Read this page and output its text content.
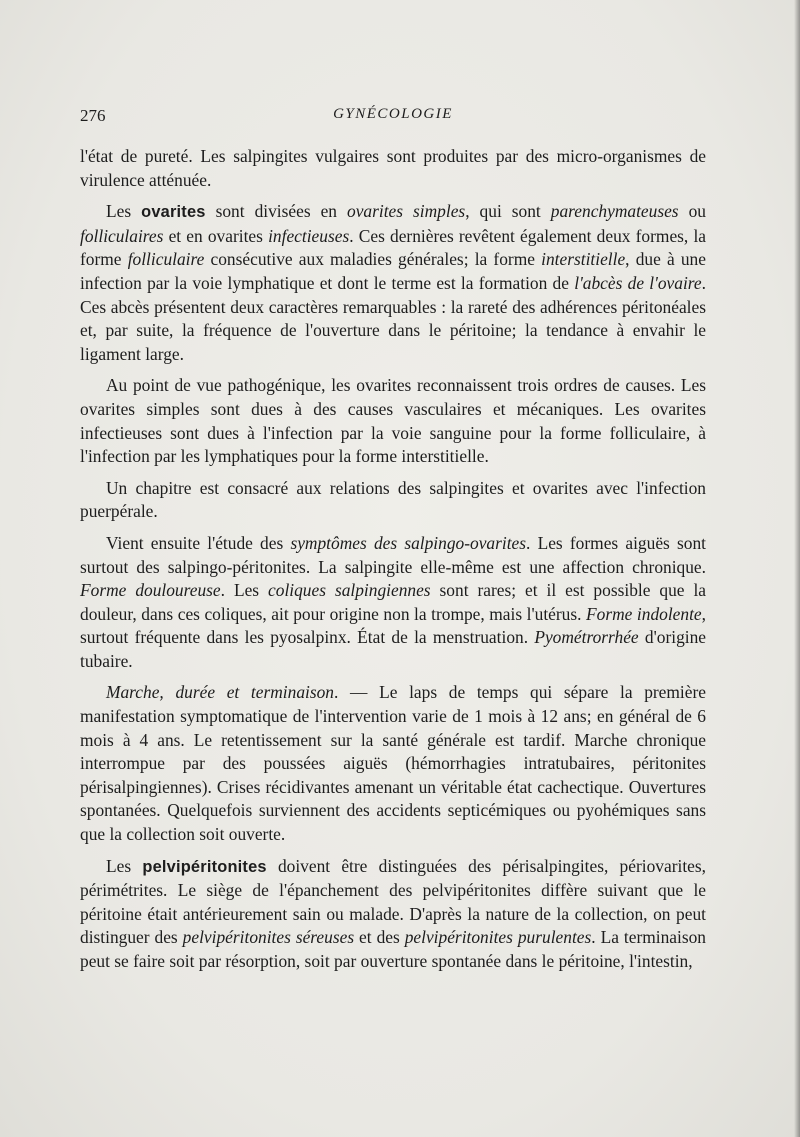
276	GYNÉCOLOGIE

l'état de pureté. Les salpingites vulgaires sont produites par des micro-organismes de virulence atténuée.

Les ovarites sont divisées en ovarites simples, qui sont parenchymateuses ou folliculaires et en ovarites infectieuses. Ces dernières revêtent également deux formes, la forme folliculaire consécutive aux maladies générales; la forme interstitielle, due à une infection par la voie lymphatique et dont le terme est la formation de l'abcès de l'ovaire. Ces abcès présentent deux caractères remarquables : la rareté des adhérences péritonéales et, par suite, la fréquence de l'ouverture dans le péritoine; la tendance à envahir le ligament large.

Au point de vue pathogénique, les ovarites reconnaissent trois ordres de causes. Les ovarites simples sont dues à des causes vasculaires et mécaniques. Les ovarites infectieuses sont dues à l'infection par la voie sanguine pour la forme folliculaire, à l'infection par les lymphatiques pour la forme interstitielle.

Un chapitre est consacré aux relations des salpingites et ovarites avec l'infection puerpérale.

Vient ensuite l'étude des symptômes des salpingo-ovarites. Les formes aiguës sont surtout des salpingo-péritonites. La salpingite elle-même est une affection chronique. Forme douloureuse. Les coliques salpingiennes sont rares; et il est possible que la douleur, dans ces coliques, ait pour origine non la trompe, mais l'utérus. Forme indolente, surtout fréquente dans les pyosalpinx. État de la menstruation. Pyométrorrhée d'origine tubaire.

Marche, durée et terminaison. — Le laps de temps qui sépare la première manifestation symptomatique de l'intervention varie de 1 mois à 12 ans; en général de 6 mois à 4 ans. Le retentissement sur la santé générale est tardif. Marche chronique interrompue par des poussées aiguës (hémorrhagies intratubaires, péritonites périsalpingiennes). Crises récidivantes amenant un véritable état cachectique. Ouvertures spontanées. Quelquefois surviennent des accidents septicémiques ou pyohémiques sans que la collection soit ouverte.

Les pelvipéritonites doivent être distinguées des périsalpingites, périovarites, périmétrites. Le siège de l'épanchement des pelvipéritonites diffère suivant que le péritoine était antérieurement sain ou malade. D'après la nature de la collection, on peut distinguer des pelvipéritonites séreuses et des pelvipéritonites purulentes. La terminaison peut se faire soit par résorption, soit par ouverture spontanée dans le péritoine, l'intestin,
